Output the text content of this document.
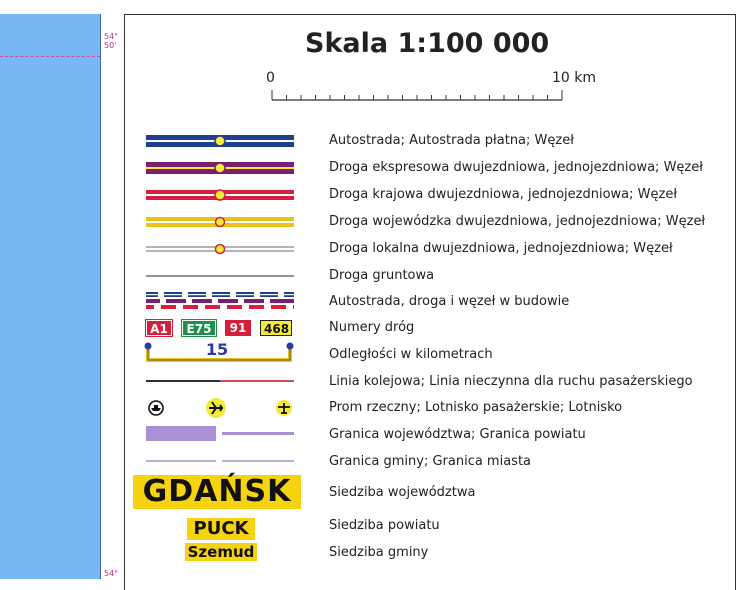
54°
50'
54°
Skala 1:100 000
0	10 km
Autostrada; Autostrada płatna; Węzeł
Droga ekspresowa dwujezdniowa, jednojezdniowa; Węzeł
Droga krajowa dwujezdniowa, jednojezdniowa; Węzeł
Droga wojewódzka dwujezdniowa, jednojezdniowa; Węzeł
Droga lokalna dwujezdniowa, jednojezdniowa; Węzeł
Droga gruntowa
Autostrada, droga i węzeł w budowie
A1	E75	91	468	Numery dróg
15	Odległości w kilometrach
Linia kolejowa; Linia nieczynna dla ruchu pasażerskiego
Prom rzeczny; Lotnisko pasażerskie; Lotnisko
Granica województwa; Granica powiatu
Granica gminy; Granica miasta
GDAŃSK	Siedziba województwa
PUCK	Siedziba powiatu
Szemud	Siedziba gminy
